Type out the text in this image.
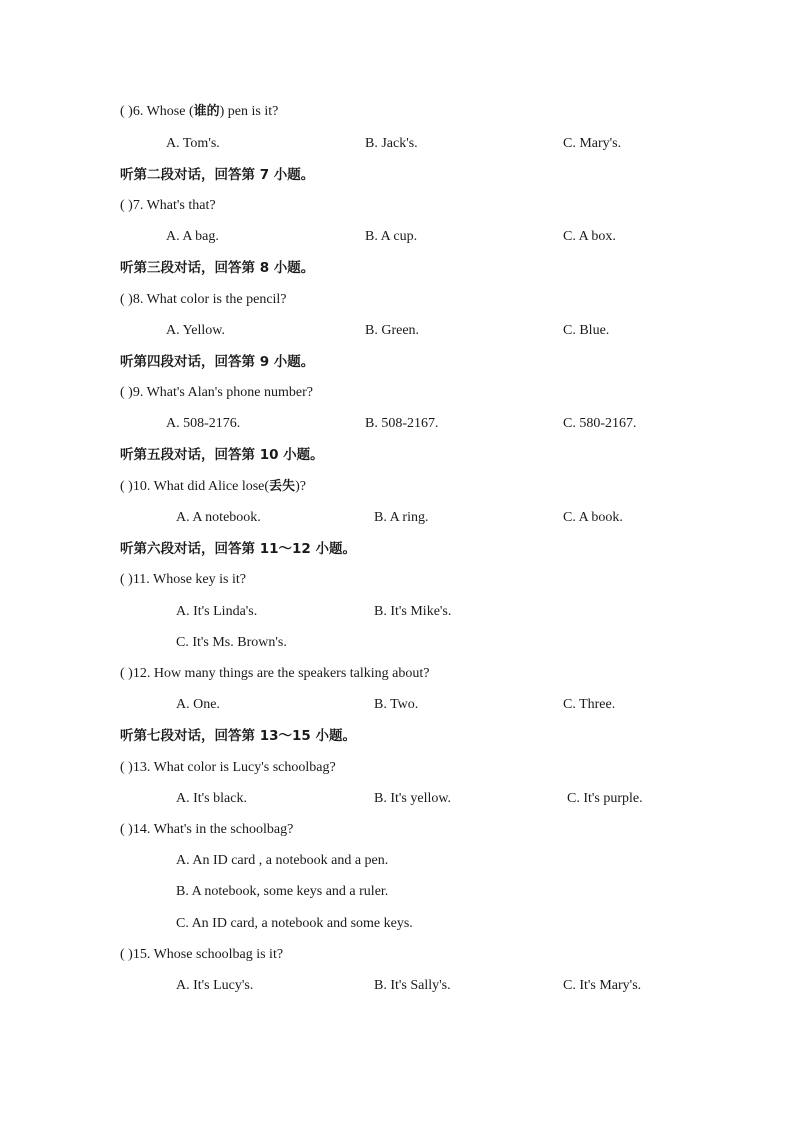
( )6. Whose (谁的) pen is it?
A. Tom's.	B. Jack's.	C. Mary's.
听第二段对话，回答第 7 小题。
( )7. What's that?
A. A bag.	B. A cup.	C. A box.
听第三段对话，回答第 8 小题。
( )8. What color is the pencil?
A. Yellow.	B. Green.	C. Blue.
听第四段对话，回答第 9 小题。
( )9. What's Alan's phone number?
A. 508-2176.	B. 508-2167.	C. 580-2167.
听第五段对话，回答第 10 小题。
( )10. What did Alice lose(丢失)?
A. A notebook.	B. A ring.	C. A book.
听第六段对话，回答第 11～12 小题。
( )11. Whose key is it?
A. It's Linda's.	B. It's Mike's.
C. It's Ms. Brown's.
( )12. How many things are the speakers talking about?
A. One.	B. Two.	C. Three.
听第七段对话，回答第 13～15 小题。
( )13. What color is Lucy's schoolbag?
A. It's black.	B. It's yellow.	C. It's purple.
( )14. What's in the schoolbag?
A. An ID card , a notebook and a pen.
B. A notebook, some keys and a ruler.
C. An ID card, a notebook and some keys.
( )15. Whose schoolbag is it?
A. It's Lucy's.	B. It's Sally's.	C. It's Mary's.
